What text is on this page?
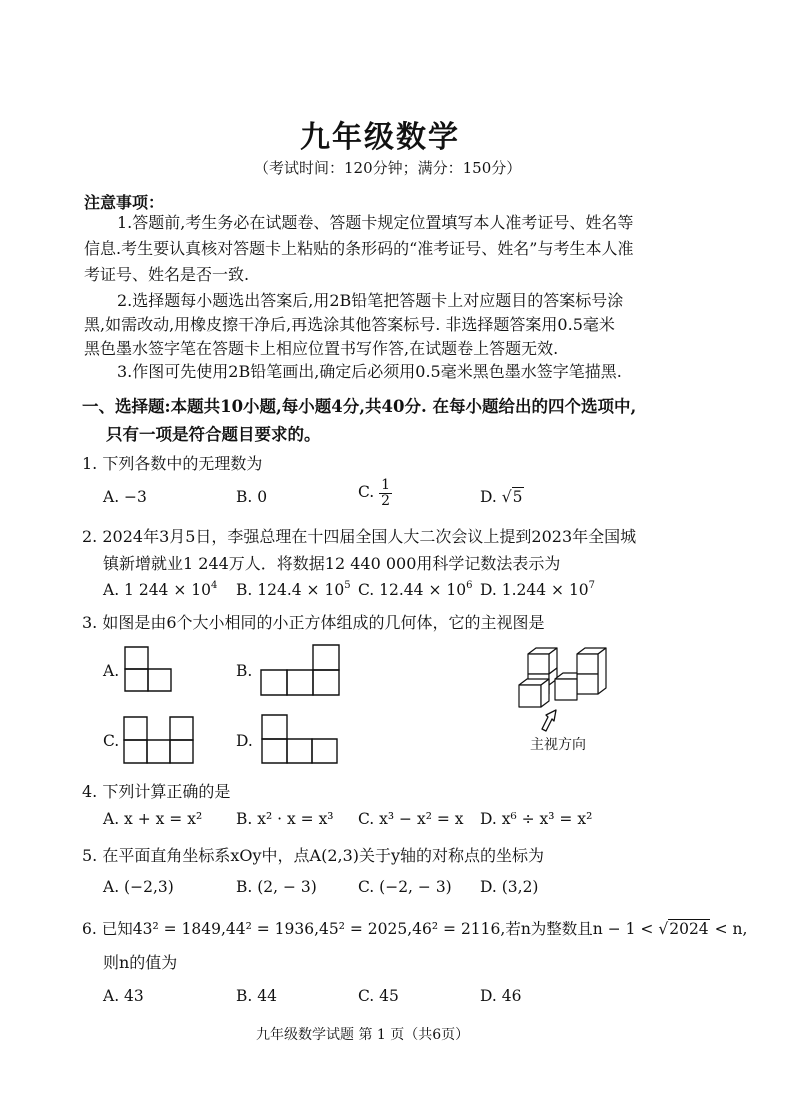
九年级数学
（考试时间：120分钟；满分：150分）
注意事项：
1.答题前,考生务必在试题卷、答题卡规定位置填写本人准考证号、姓名等
信息.考生要认真核对答题卡上粘贴的条形码的“准考证号、姓名”与考生本人准
考证号、姓名是否一致.
2.选择题每小题选出答案后,用2B铅笔把答题卡上对应题目的答案标号涂
黑,如需改动,用橡皮擦干净后,再选涂其他答案标号. 非选择题答案用0.5毫米
黑色墨水签字笔在答题卡上相应位置书写作答,在试题卷上答题无效.
3.作图可先使用2B铅笔画出,确定后必须用0.5毫米黑色墨水签字笔描黑.
一、选择题:本题共10小题,每小题4分,共40分. 在每小题给出的四个选项中,
只有一项是符合题目要求的。
1. 下列各数中的无理数为
A. −3	B. 0	C. $\frac{1}{2}$	D. √5
2. 2024年3月5日，李强总理在十四届全国人大二次会议上提到2023年全国城
镇新增就业1 244万人．将数据12 440 000用科学记数法表示为
A. 1 $244 \times 10^4$ B. $124.4 \times 10^5$ C. $12.44 \times 10^6$ D. $1.244 \times 10^7$
3. 如图是由6个大小相同的小正方体组成的几何体，它的主视图是
A.	B.
C.	D.	主视方向
4. 下列计算正确的是
A. x + x = x² B. x² · x = x³ C. x³ − x² = x D. x⁶ ÷ x³ = x²
5. 在平面直角坐标系xOy中，点A(2,3)关于y轴的对称点的坐标为
A. (−2,3)	B. (2, − 3)	C. (−2, − 3) D. (3,2)
6. 已知43² = 1849,44² = 1936,45² = 2025,46² = 2116,若n为整数且n − 1 < √2024 < n,
则n的值为
A. 43	B. 44	C. 45	D. 46
九年级数学试题 第 1 页（共6页）
